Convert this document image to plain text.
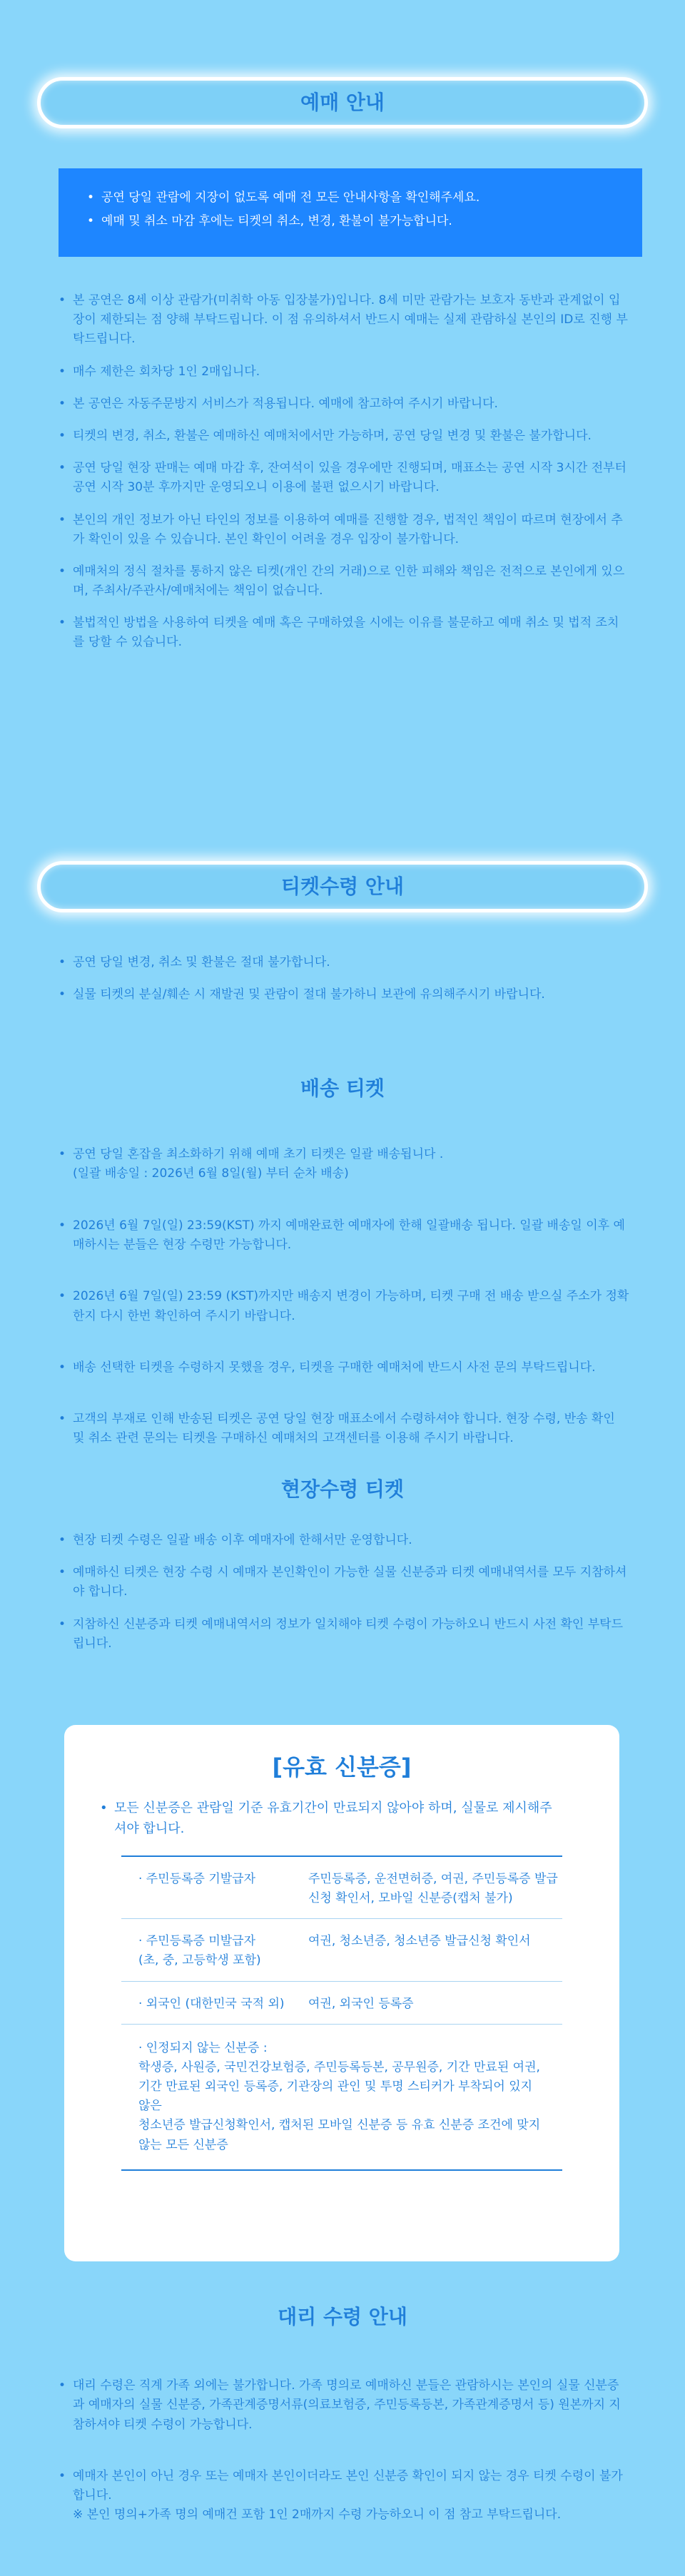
예매 안내
• 공연 당일 관람에 지장이 없도록 예매 전 모든 안내사항을 확인해주세요.
• 예매 및 취소 마감 후에는 티켓의 취소, 변경, 환불이 불가능합니다.
• 본 공연은 8세 이상 관람가(미취학 아동 입장불가)입니다. 8세 미만 관람가는 보호자 동반과 관계없이 입장이 제한되는 점 양해 부탁드립니다. 이 점 유의하셔서 반드시 예매는 실제 관람하실 본인의 ID로 진행 부탁드립니다.
• 매수 제한은 회차당 1인 2매입니다.
• 본 공연은 자동주문방지 서비스가 적용됩니다. 예매에 참고하여 주시기 바랍니다.
• 티켓의 변경, 취소, 환불은 예매하신 예매처에서만 가능하며, 공연 당일 변경 및 환불은 불가합니다.
• 공연 당일 현장 판매는 예매 마감 후, 잔여석이 있을 경우에만 진행되며, 매표소는 공연 시작 3시간 전부터 공연 시작 30분 후까지만 운영되오니 이용에 불편 없으시기 바랍니다.
• 본인의 개인 정보가 아닌 타인의 정보를 이용하여 예매를 진행할 경우, 법적인 책임이 따르며 현장에서 추가 확인이 있을 수 있습니다. 본인 확인이 어려울 경우 입장이 불가합니다.
• 예매처의 정식 절차를 통하지 않은 티켓(개인 간의 거래)으로 인한 피해와 책임은 전적으로 본인에게 있으며, 주최사/주관사/예매처에는 책임이 없습니다.
• 불법적인 방법을 사용하여 티켓을 예매 혹은 구매하였을 시에는 이유를 불문하고 예매 취소 및 법적 조치를 당할 수 있습니다.
티켓수령 안내
• 공연 당일 변경, 취소 및 환불은 절대 불가합니다.
• 실물 티켓의 분실/훼손 시 재발권 및 관람이 절대 불가하니 보관에 유의해주시기 바랍니다.
배송 티켓

• 공연 당일 혼잡을 최소화하기 위해 예매 초기 티켓은 일괄 배송됩니다 .
(일괄 배송일 : 2026년 6월 8일(월) 부터 순차 배송)

• 2026년 6월 7일(일) 23:59(KST) 까지 예매완료한 예매자에 한해 일괄배송 됩니다. 일괄 배송일 이후 예매하시는 분들은 현장 수령만 가능합니다.

• 2026년 6월 7일(일) 23:59 (KST)까지만 배송지 변경이 가능하며, 티켓 구매 전 배송 받으실 주소가 정확한지 다시 한번 확인하여 주시기 바랍니다.

• 배송 선택한 티켓을 수령하지 못했을 경우, 티켓을 구매한 예매처에 반드시 사전 문의 부탁드립니다.

• 고객의 부재로 인해 반송된 티켓은 공연 당일 현장 매표소에서 수령하셔야 합니다. 현장 수령, 반송 확인 및 취소 관련 문의는 티켓을 구매하신 예매처의 고객센터를 이용해 주시기 바랍니다.

현장수령 티켓
• 현장 티켓 수령은 일괄 배송 이후 예매자에 한해서만 운영합니다.
• 예매하신 티켓은 현장 수령 시 예매자 본인확인이 가능한 실물 신분증과 티켓 예매내역서를 모두 지참하셔야 합니다.
• 지참하신 신분증과 티켓 예매내역서의 정보가 일치해야 티켓 수령이 가능하오니 반드시 사전 확인 부탁드립니다.
[유효 신분증]
• 모든 신분증은 관람일 기준 유효기간이 만료되지 않아야 하며, 실물로 제시해주셔야 합니다.
· 주민등록증 기발급자	주민등록증, 운전면허증, 여권, 주민등록증 발급 신청 확인서, 모바일 신분증(캡처 불가)
· 주민등록증 미발급자
(초, 중, 고등학생 포함)
여권, 청소년증, 청소년증 발급신청 확인서
· 외국인 (대한민국 국적 외)	여권, 외국인 등록증
· 인정되지 않는 신분증 :
학생증, 사원증, 국민건강보험증, 주민등록등본, 공무원증, 기간 만료된 여권,
기간 만료된 외국인 등록증, 기관장의 관인 및 투명 스티커가 부착되어 있지 않은
청소년증 발급신청확인서, 캡처된 모바일 신분증 등 유효 신분증 조건에 맞지
않는 모든 신분증
대리 수령 안내

• 대리 수령은 직계 가족 외에는 불가합니다. 가족 명의로 예매하신 분들은 관람하시는 본인의 실물 신분증과 예매자의 실물 신분증, 가족관계증명서류(의료보험증, 주민등록등본, 가족관계증명서 등) 원본까지 지참하셔야 티켓 수령이 가능합니다.

• 예매자 본인이 아닌 경우 또는 예매자 본인이더라도 본인 신분증 확인이 되지 않는 경우 티켓 수령이 불가합니다.
※ 본인 명의+가족 명의 예매건 포함 1인 2매까지 수령 가능하오니 이 점 참고 부탁드립니다.
